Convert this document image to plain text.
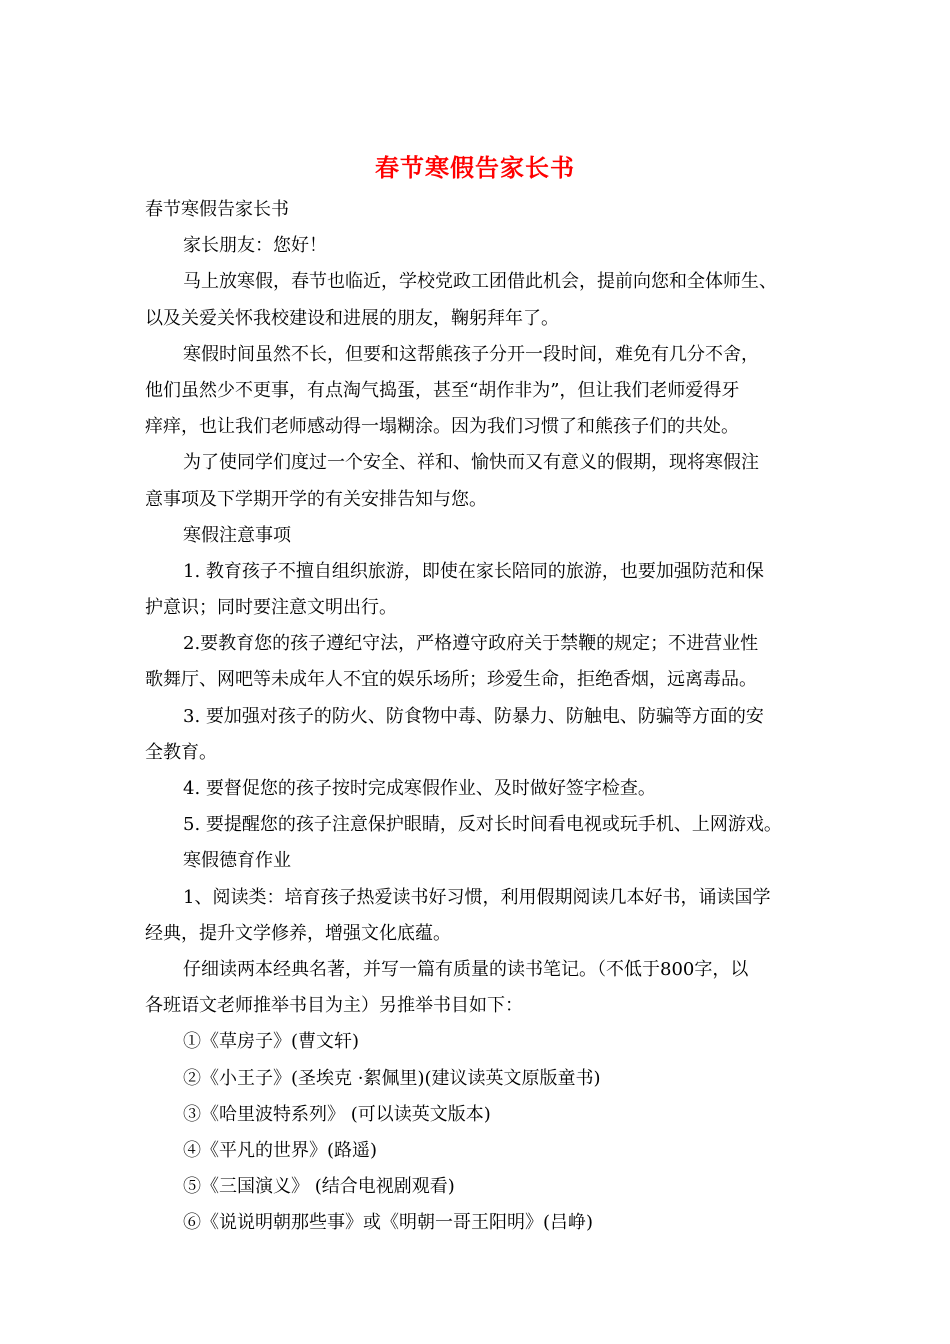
春节寒假告家长书
春节寒假告家长书
家长朋友：您好！
马上放寒假，春节也临近，学校党政工团借此机会，提前向您和全体师生、
以及关爱关怀我校建设和进展的朋友，鞠躬拜年了。
寒假时间虽然不长，但要和这帮熊孩子分开一段时间，难免有几分不舍，
他们虽然少不更事，有点淘气捣蛋，甚至“胡作非为”，但让我们老师爱得牙
痒痒，也让我们老师感动得一塌糊涂。因为我们习惯了和熊孩子们的共处。
为了使同学们度过一个安全、祥和、愉快而又有意义的假期，现将寒假注
意事项及下学期开学的有关安排告知与您。
寒假注意事项
1. 教育孩子不擅自组织旅游，即使在家长陪同的旅游，也要加强防范和保
护意识；同时要注意文明出行。
2.要教育您的孩子遵纪守法，严格遵守政府关于禁鞭的规定；不进营业性
歌舞厅、网吧等未成年人不宜的娱乐场所；珍爱生命，拒绝香烟，远离毒品。
3. 要加强对孩子的防火、防食物中毒、防暴力、防触电、防骗等方面的安
全教育。
4. 要督促您的孩子按时完成寒假作业、及时做好签字检查。
5. 要提醒您的孩子注意保护眼睛，反对长时间看电视或玩手机、上网游戏。
寒假德育作业
1、阅读类：培育孩子热爱读书好习惯，利用假期阅读几本好书，诵读国学
经典，提升文学修养，增强文化底蕴。
仔细读两本经典名著，并写一篇有质量的读书笔记。（不低于800字，以
各班语文老师推举书目为主）另推举书目如下：
①《草房子》(曹文轩)
②《小王子》(圣埃克 ·絮佩里)(建议读英文原版童书)
③《哈里波特系列》 (可以读英文版本)
④《平凡的世界》(路遥)
⑤《三国演义》 (结合电视剧观看)
⑥《说说明朝那些事》或《明朝一哥王阳明》(吕峥)
